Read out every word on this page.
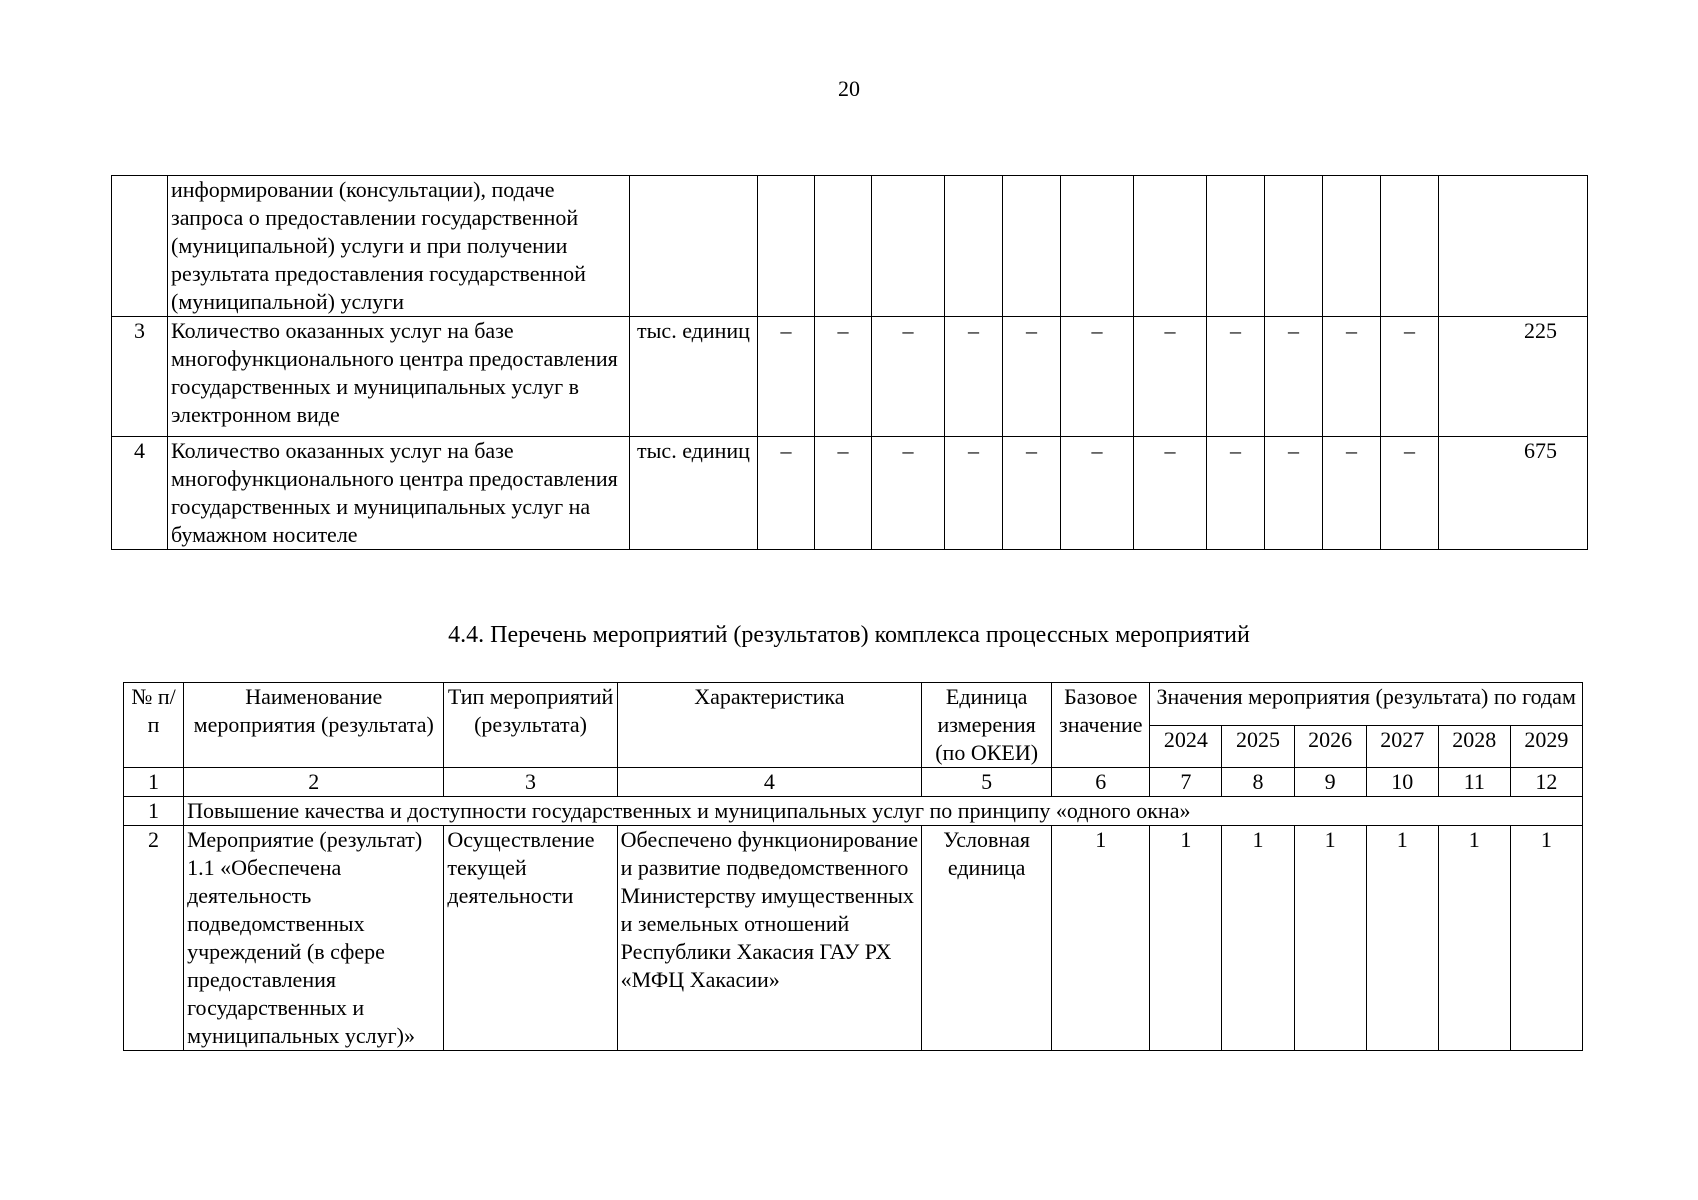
20
	информировании (консультации), подаче запроса о предоставлении государственной (муниципальной) услуги и при получении результата предоставления государственной (муниципальной) услуги													
3	Количество оказанных услуг на базе многофункционального центра предоставления государственных и муниципальных услуг в электронном виде	тыс. единиц	–	–	–	–	–	–	–	–	–	–	–	225
4	Количество оказанных услуг на базе многофункционального центра предоставления государственных и муниципальных услуг на бумажном носителе	тыс. единиц	–	–	–	–	–	–	–	–	–	–	–	675
4.4. Перечень мероприятий (результатов) комплекса процессных мероприятий
№ п/п	Наименование мероприятия (результата)	Тип мероприятий (результата)	Характеристика	Единица измерения (по ОКЕИ)	Базовое значение	Значения мероприятия (результата) по годам					
						2024	2025	2026	2027	2028	2029
1	2	3	4	5	6	7	8	9	10	11	12
1	Повышение качества и доступности государственных и муниципальных услуг по принципу «одного окна»										
2	Мероприятие (результат) 1.1 «Обеспечена деятельность подведомственных учреждений (в сфере предоставления государственных и муниципальных услуг)»	Осуществление текущей деятельности	Обеспечено функционирование и развитие подведомственного Министерству имущественных и земельных отношений Республики Хакасия ГАУ РХ «МФЦ Хакасии»	Условная единица	1	1	1	1	1	1	1
